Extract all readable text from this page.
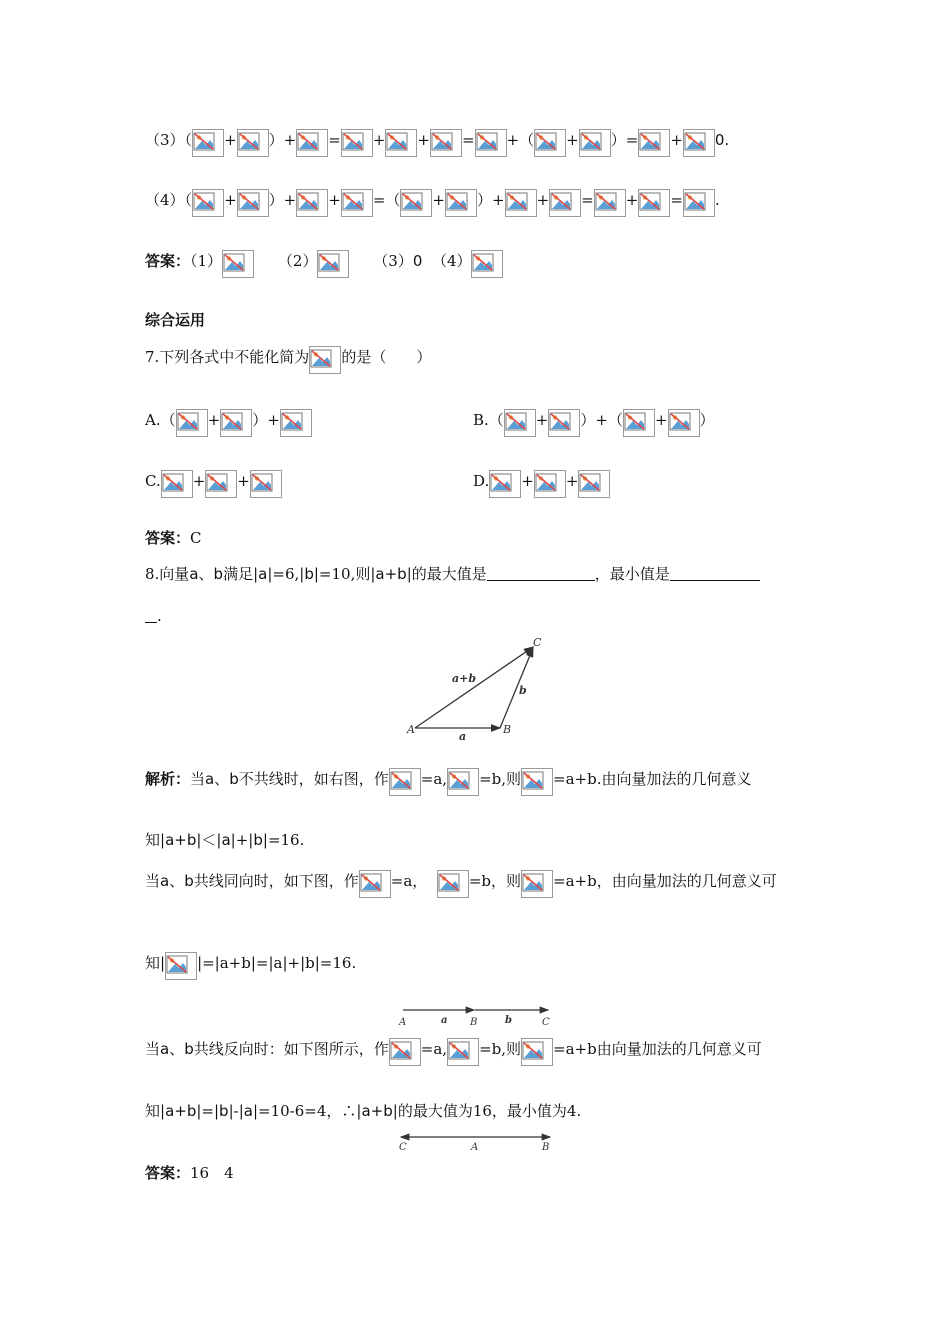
（3）（ + ）+ = + + = +（ + ）= + 0.
（4）（ + ）+ + =（ + ）+ + = + = .
答案：（1）	（2）	（3）0 （4）
综合运用
7.下列各式中不能化简为 的是（　　）
A.（ + ）+	B.（ + ）+（ + ）
C. + +	D. + +
答案：C
8.向量a、b满足|a|=6,|b|=10,则|a+b|的最大值是	，最小值是
.
C
a+b
b
A	B
a
解析：当a、b不共线时，如右图，作 =a, =b,则 =a+b.由向量加法的几何意义
知|a+b|＜|a|+|b|=16.
当a、b共线同向时，如下图，作 =a，	=b，则 =a+b，由向量加法的几何意义可
知| |=|a+b|=|a|+|b|=16.
A	a B	b	C
当a、b共线反向时：如下图所示，作 =a, =b,则 =a+b由向量加法的几何意义可
知|a+b|=|b|-|a|=10-6=4，∴|a+b|的最大值为16，最小值为4.
C	A	B
答案：16　4
